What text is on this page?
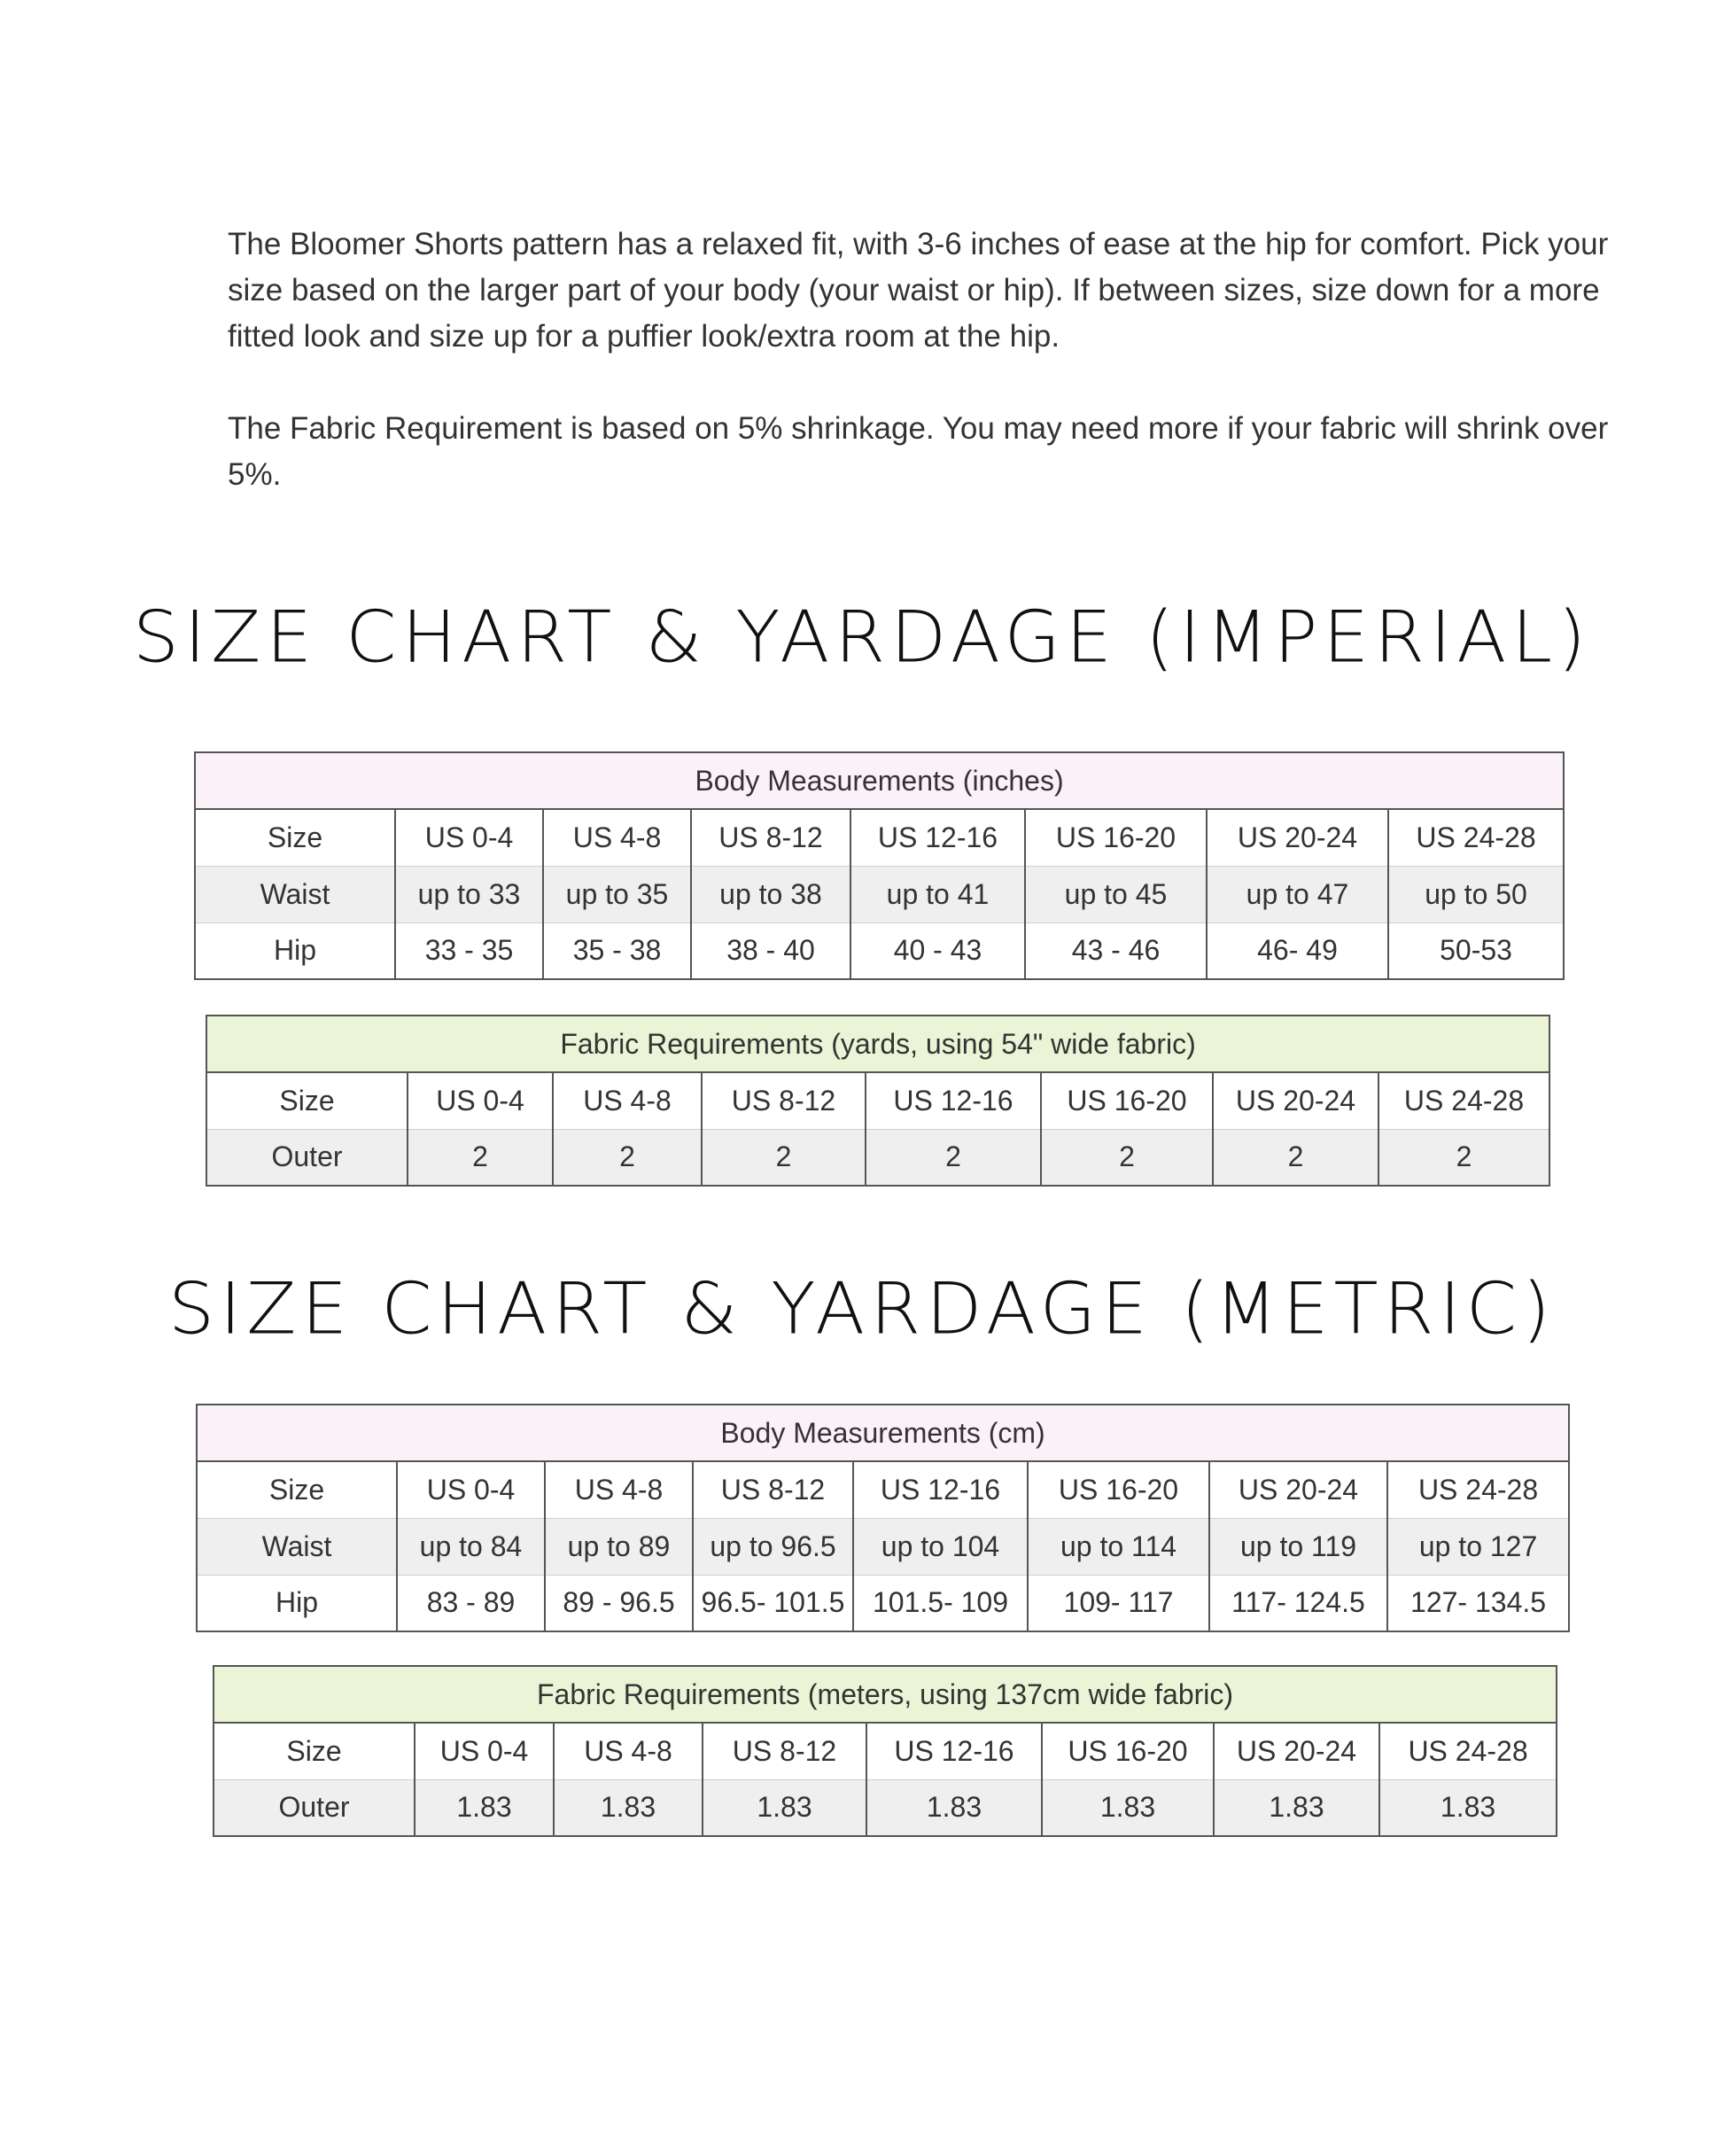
The Bloomer Shorts pattern has a relaxed fit, with 3-6 inches of ease at the hip for comfort. Pick your size based on the larger part of your body (your waist or hip). If between sizes, size down for a more fitted look and size up for a puffier look/extra room at the hip.

The Fabric Requirement is based on 5% shrinkage. You may need more if your fabric will shrink over 5%.

SIZE CHART & YARDAGE (IMPERIAL)
Body Measurements (inches)							
Size	US 0-4	US 4-8	US 8-12	US 12-16	US 16-20	US 20-24	US 24-28
Waist	up to 33	up to 35	up to 38	up to 41	up to 45	up to 47	up to 50
Hip	33 - 35	35 - 38	38 - 40	40 - 43	43 - 46	46- 49	50-53
Fabric Requirements (yards, using 54" wide fabric)							
Size	US 0-4	US 4-8	US 8-12	US 12-16	US 16-20	US 20-24	US 24-28
Outer	2	2	2	2	2	2	2
SIZE CHART & YARDAGE (METRIC)
Body Measurements (cm)							
Size	US 0-4	US 4-8	US 8-12	US 12-16	US 16-20	US 20-24	US 24-28
Waist	up to 84	up to 89	up to 96.5	up to 104	up to 114	up to 119	up to 127
Hip	83 - 89	89 - 96.5	96.5- 101.5	101.5- 109	109- 117	117- 124.5	127- 134.5
Fabric Requirements (meters, using 137cm wide fabric)							
Size	US 0-4	US 4-8	US 8-12	US 12-16	US 16-20	US 20-24	US 24-28
Outer	1.83	1.83	1.83	1.83	1.83	1.83	1.83
